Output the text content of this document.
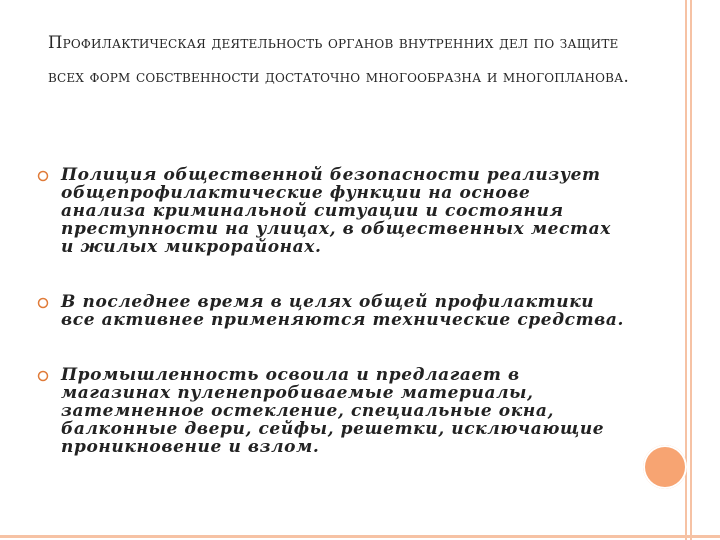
Профилактическая деятельность органов внутренних дел по защите всех форм собственности достаточно многообразна и многопланова.
Полиция общественной безопасности реализует
общепрофилактические функции на основе
анализа криминальной ситуации и состояния
преступности на улицах, в общественных местах
и жилых микрорайонах.
В последнее время в целях общей профилактики
все активнее применяются технические средства.
Промышленность освоила и предлагает в
магазинах пуленепробиваемые материалы,
затемненное остекление, специальные окна,
балконные двери, сейфы, решетки, исключающие
проникновение и взлом.
